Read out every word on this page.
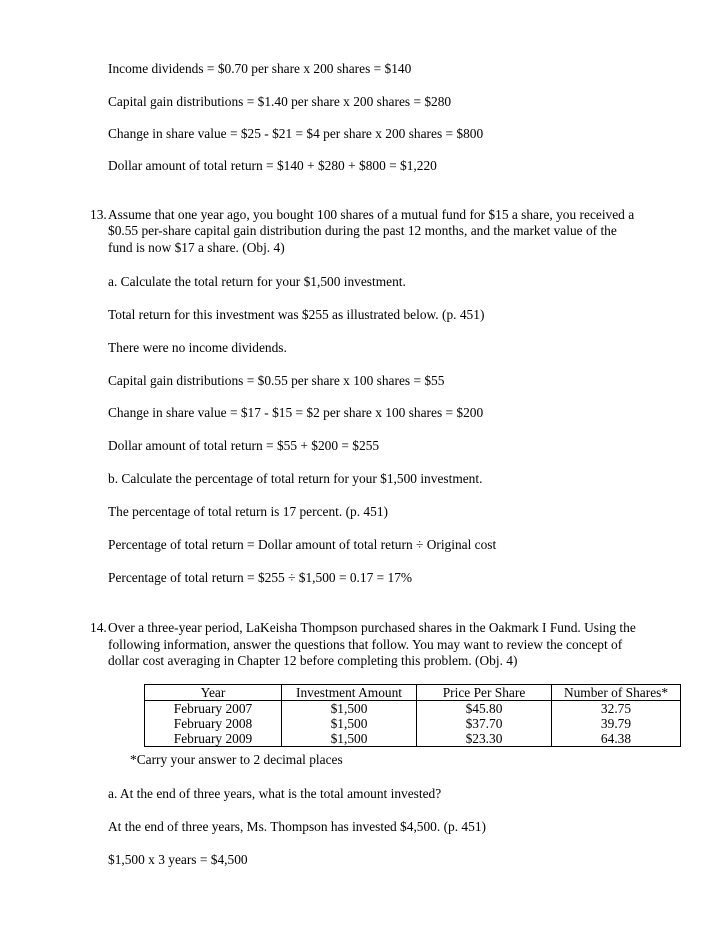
Income dividends = $0.70 per share x 200 shares = $140
Capital gain distributions = $1.40 per share x 200 shares = $280
Change in share value = $25 - $21 = $4 per share x 200 shares = $800
Dollar amount of total return = $140 + $280 + $800 = $1,220
13. Assume that one year ago, you bought 100 shares of a mutual fund for $15 a share, you received a
$0.55 per-share capital gain distribution during the past 12 months, and the market value of the
fund is now $17 a share. (Obj. 4)
a. Calculate the total return for your $1,500 investment.
Total return for this investment was $255 as illustrated below. (p. 451)
There were no income dividends.
Capital gain distributions = $0.55 per share x 100 shares = $55
Change in share value = $17 - $15 = $2 per share x 100 shares = $200
Dollar amount of total return = $55 + $200 = $255
b. Calculate the percentage of total return for your $1,500 investment.
The percentage of total return is 17 percent. (p. 451)
Percentage of total return = Dollar amount of total return ÷ Original cost
Percentage of total return = $255 ÷ $1,500 = 0.17 = 17%
14. Over a three-year period, LaKeisha Thompson purchased shares in the Oakmark I Fund. Using the
following information, answer the questions that follow. You may want to review the concept of
dollar cost averaging in Chapter 12 before completing this problem. (Obj. 4)
Year	Investment Amount	Price Per Share	Number of Shares*
February 2007	$1,500	$45.80	32.75
February 2008	$1,500	$37.70	39.79
February 2009	$1,500	$23.30	64.38
*Carry your answer to 2 decimal places
a. At the end of three years, what is the total amount invested?
At the end of three years, Ms. Thompson has invested $4,500. (p. 451)
$1,500 x 3 years = $4,500
